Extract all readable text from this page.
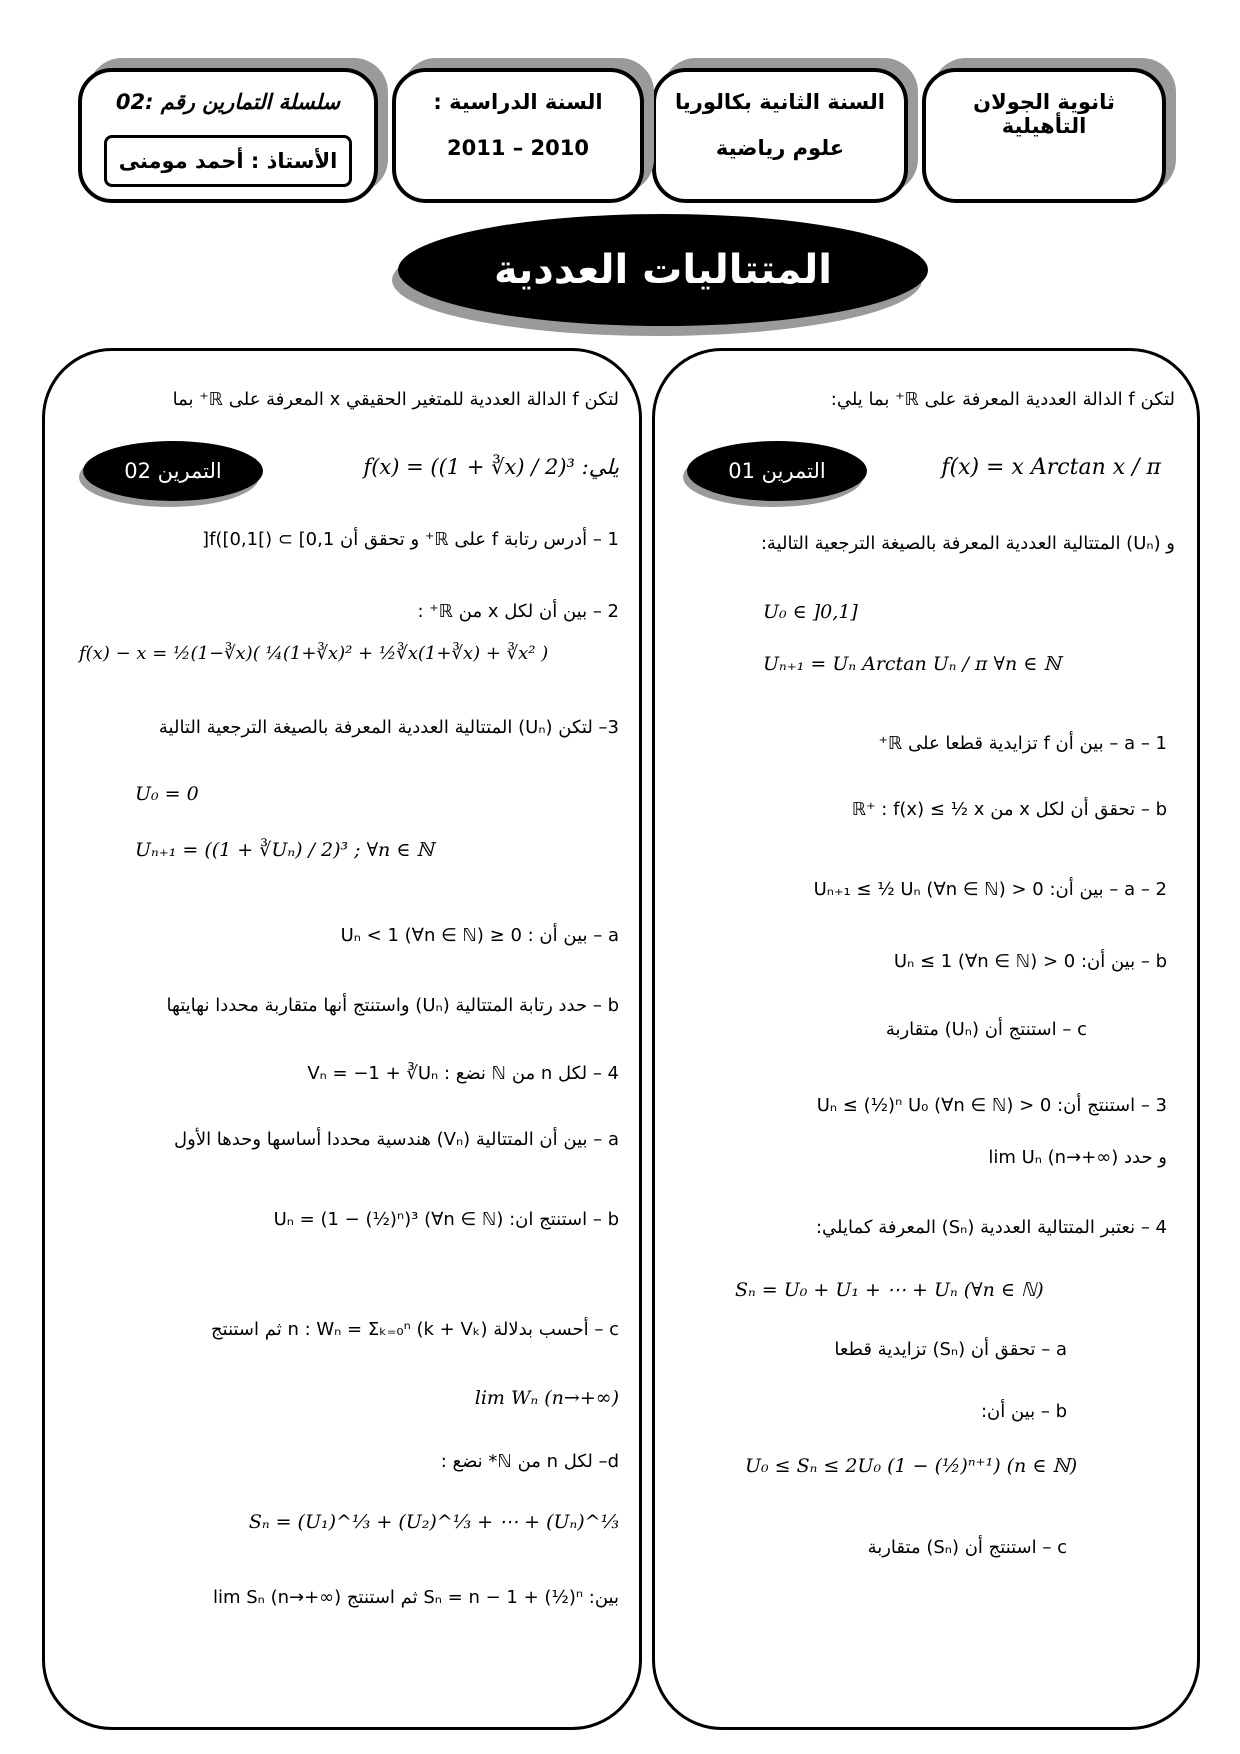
ثانوية الجولان
التأهيلية
السنة الثانية بكالوريا
علوم رياضية
السنة الدراسية :
2011 – 2010
سلسلة التمارين رقم :02
الأستاذ : أحمد مومنى
المتتاليات العددية
لتكن f الدالة العددية المعرفة على ℝ⁺ بما يلي:
التمرين 01	f(x) = x Arctan x / π
و (Uₙ) المتتالية العددية المعرفة بالصيغة الترجعية التالية:
U₀ ∈ ]0,1]
Uₙ₊₁ = Uₙ Arctan Uₙ / π ∀n ∈ ℕ
1 – a – بين أن f تزايدية قطعا على ℝ⁺
b – تحقق أن لكل x من ℝ⁺ : f(x) ≤ ½ x
2 – a – بين أن: 0 < Uₙ₊₁ ≤ ½ Uₙ (∀n ∈ ℕ)
b – بين أن: 0 < Uₙ ≤ 1 (∀n ∈ ℕ)
c – استنتج أن (Uₙ) متقاربة
3 – استنتج أن: 0 < Uₙ ≤ (½)ⁿ U₀ (∀n ∈ ℕ)
و حدد lim Uₙ (n→+∞)
4 – نعتبر المتتالية العددية (Sₙ) المعرفة كمايلي:
Sₙ = U₀ + U₁ + ⋯ + Uₙ (∀n ∈ ℕ)
a – تحقق أن (Sₙ) تزايدية قطعا
b – بين أن:
U₀ ≤ Sₙ ≤ 2U₀ (1 − (½)ⁿ⁺¹) (n ∈ ℕ)
c – استنتج أن (Sₙ) متقاربة
لتكن f الدالة العددية للمتغير الحقيقي x المعرفة على ℝ⁺ بما
التمرين 02	يلي: f(x) = ((1 + ∛x) / 2)³
1 – أدرس رتابة f على ℝ⁺ و تحقق أن f([0,1[) ⊂ [0,1[
2 – بين أن لكل x من ℝ⁺ :
f(x) − x = ½(1−∛x)( ¼(1+∛x)² + ½∛x(1+∛x) + ∛x² )
3– لتكن (Uₙ) المتتالية العددية المعرفة بالصيغة الترجعية التالية
U₀ = 0
Uₙ₊₁ = ((1 + ∛Uₙ) / 2)³ ; ∀n ∈ ℕ
a – بين أن : 0 ≤ Uₙ < 1 (∀n ∈ ℕ)
b – حدد رتابة المتتالية (Uₙ) واستنتج أنها متقاربة محددا نهايتها
4 – لكل n من ℕ نضع : Vₙ = −1 + ∛Uₙ
a – بين أن المتتالية (Vₙ) هندسية محددا أساسها وحدها الأول
b – استنتج ان: Uₙ = (1 − (½)ⁿ)³ (∀n ∈ ℕ)
c – أحسب بدلالة n : Wₙ = Σₖ₌₀ⁿ (k + Vₖ) ثم استنتج
lim Wₙ (n→+∞)
d– لكل n من ℕ* نضع :
Sₙ = (U₁)^⅓ + (U₂)^⅓ + ⋯ + (Uₙ)^⅓
بين: Sₙ = n − 1 + (½)ⁿ ثم استنتج lim Sₙ (n→+∞)
